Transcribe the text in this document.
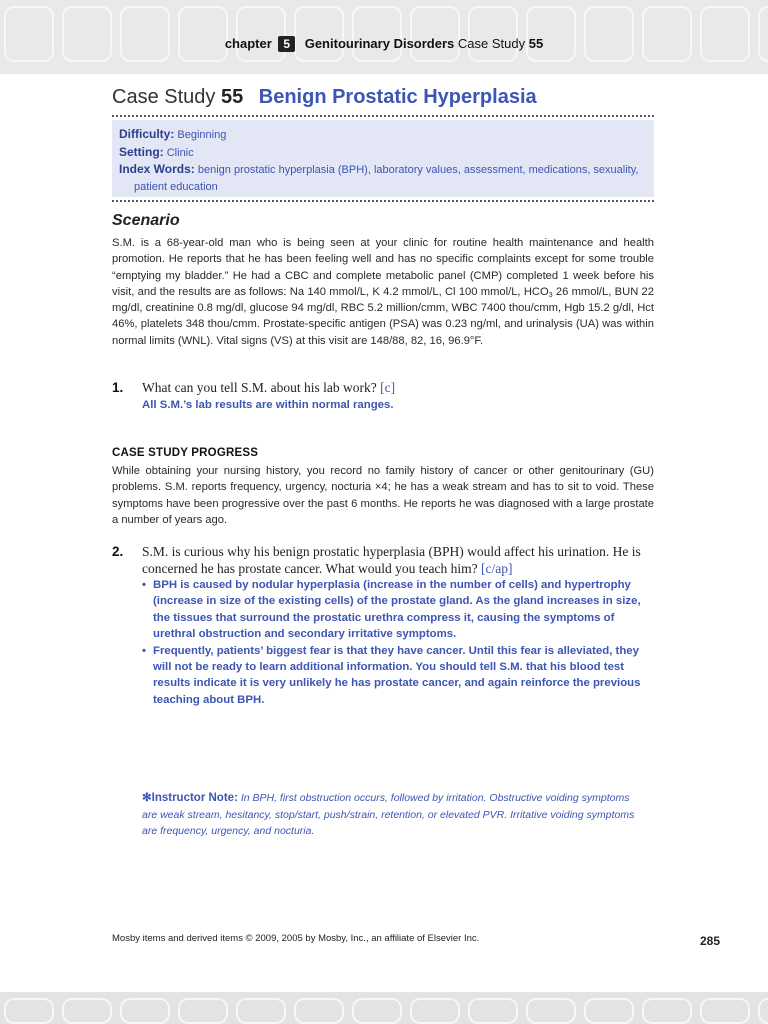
chapter 5 Genitourinary Disorders Case Study 55
Case Study 55 Benign Prostatic Hyperplasia
Difficulty: Beginning
Setting: Clinic
Index Words: benign prostatic hyperplasia (BPH), laboratory values, assessment, medications, sexuality, patient education
Scenario
S.M. is a 68-year-old man who is being seen at your clinic for routine health maintenance and health promotion. He reports that he has been feeling well and has no specific complaints except for some trouble “emptying my bladder.” He had a CBC and complete metabolic panel (CMP) completed 1 week before his visit, and the results are as follows: Na 140 mmol/L, K 4.2 mmol/L, Cl 100 mmol/L, $HCO_3$ 26 mmol/L, BUN 22 mg/dl, creatinine 0.8 mg/dl, glucose 94 mg/dl, RBC 5.2 million/cmm, WBC 7400 thou/cmm, Hgb 15.2 g/dl, Hct 46%, platelets 348 thou/cmm. Prostate-specific antigen (PSA) was 0.23 ng/ml, and urinalysis (UA) was within normal limits (WNL). Vital signs (VS) at this visit are 148/88, 82, 16, 96.9°F.
1. What can you tell S.M. about his lab work? [c]
All S.M.’s lab results are within normal ranges.
CASE STUDY PROGRESS
While obtaining your nursing history, you record no family history of cancer or other genitourinary (GU) problems. S.M. reports frequency, urgency, nocturia ×4; he has a weak stream and has to sit to void. These symptoms have been progressive over the past 6 months. He reports he was diagnosed with a large prostate a number of years ago.
2. S.M. is curious why his benign prostatic hyperplasia (BPH) would affect his urination. He is concerned he has prostate cancer. What would you teach him? [c/ap]
• BPH is caused by nodular hyperplasia (increase in the number of cells) and hypertrophy (increase in size of the existing cells) of the prostate gland. As the gland increases in size, the tissues that surround the prostatic urethra compress it, causing the symptoms of urethral obstruction and secondary irritative symptoms.
• Frequently, patients’ biggest fear is that they have cancer. Until this fear is alleviated, they will not be ready to learn additional information. You should tell S.M. that his blood test results indicate it is very unlikely he has prostate cancer, and again reinforce the previous teaching about BPH.
✻Instructor Note: In BPH, first obstruction occurs, followed by irritation. Obstructive voiding symptoms are weak stream, hesitancy, stop/start, push/strain, retention, or elevated PVR. Irritative voiding symptoms are frequency, urgency, and nocturia.
Mosby items and derived items © 2009, 2005 by Mosby, Inc., an affiliate of Elsevier Inc.	285
